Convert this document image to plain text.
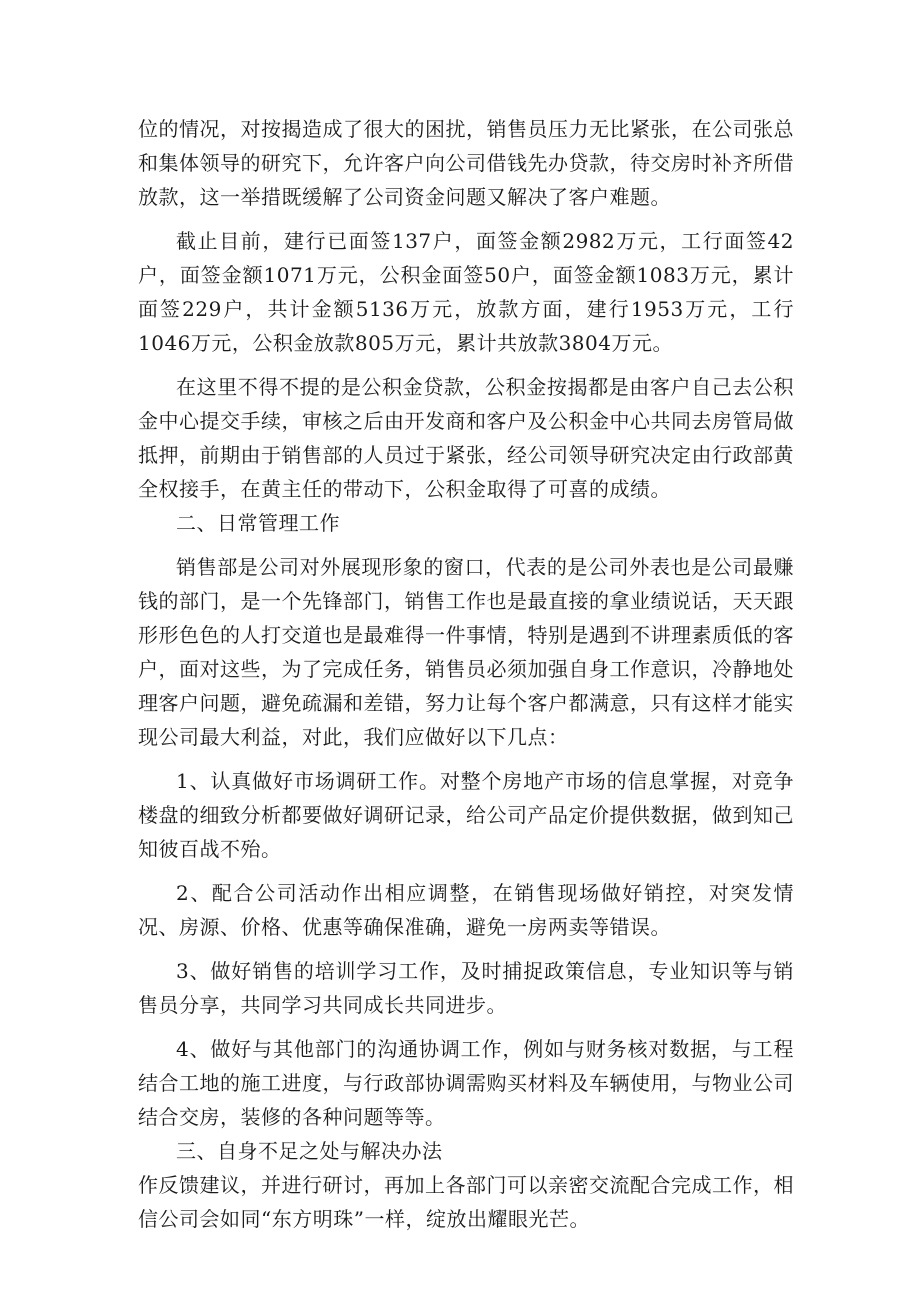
位的情况，对按揭造成了很大的困扰，销售员压力无比紧张，在公司张总和集体领导的研究下，允许客户向公司借钱先办贷款，待交房时补齐所借放款，这一举措既缓解了公司资金问题又解决了客户难题。

截止目前，建行已面签137户，面签金额2982万元，工行面签42户，面签金额1071万元，公积金面签50户，面签金额1083万元，累计面签229户，共计金额5136万元，放款方面，建行1953万元，工行1046万元，公积金放款805万元，累计共放款3804万元。

在这里不得不提的是公积金贷款，公积金按揭都是由客户自己去公积金中心提交手续，审核之后由开发商和客户及公积金中心共同去房管局做抵押，前期由于销售部的人员过于紧张，经公司领导研究决定由行政部黄全权接手，在黄主任的带动下，公积金取得了可喜的成绩。

二、日常管理工作

销售部是公司对外展现形象的窗口，代表的是公司外表也是公司最赚钱的部门，是一个先锋部门，销售工作也是最直接的拿业绩说话，天天跟形形色色的人打交道也是最难得一件事情，特别是遇到不讲理素质低的客户，面对这些，为了完成任务，销售员必须加强自身工作意识，冷静地处理客户问题，避免疏漏和差错，努力让每个客户都满意，只有这样才能实现公司最大利益，对此，我们应做好以下几点：

1、认真做好市场调研工作。对整个房地产市场的信息掌握，对竞争楼盘的细致分析都要做好调研记录，给公司产品定价提供数据，做到知己知彼百战不殆。

2、配合公司活动作出相应调整，在销售现场做好销控，对突发情况、房源、价格、优惠等确保准确，避免一房两卖等错误。

3、做好销售的培训学习工作，及时捕捉政策信息，专业知识等与销售员分享，共同学习共同成长共同进步。

4、做好与其他部门的沟通协调工作，例如与财务核对数据，与工程结合工地的施工进度，与行政部协调需购买材料及车辆使用，与物业公司结合交房，装修的各种问题等等。

三、自身不足之处与解决办法

作反馈建议，并进行研讨，再加上各部门可以亲密交流配合完成工作，相信公司会如同“东方明珠”一样，绽放出耀眼光芒。
